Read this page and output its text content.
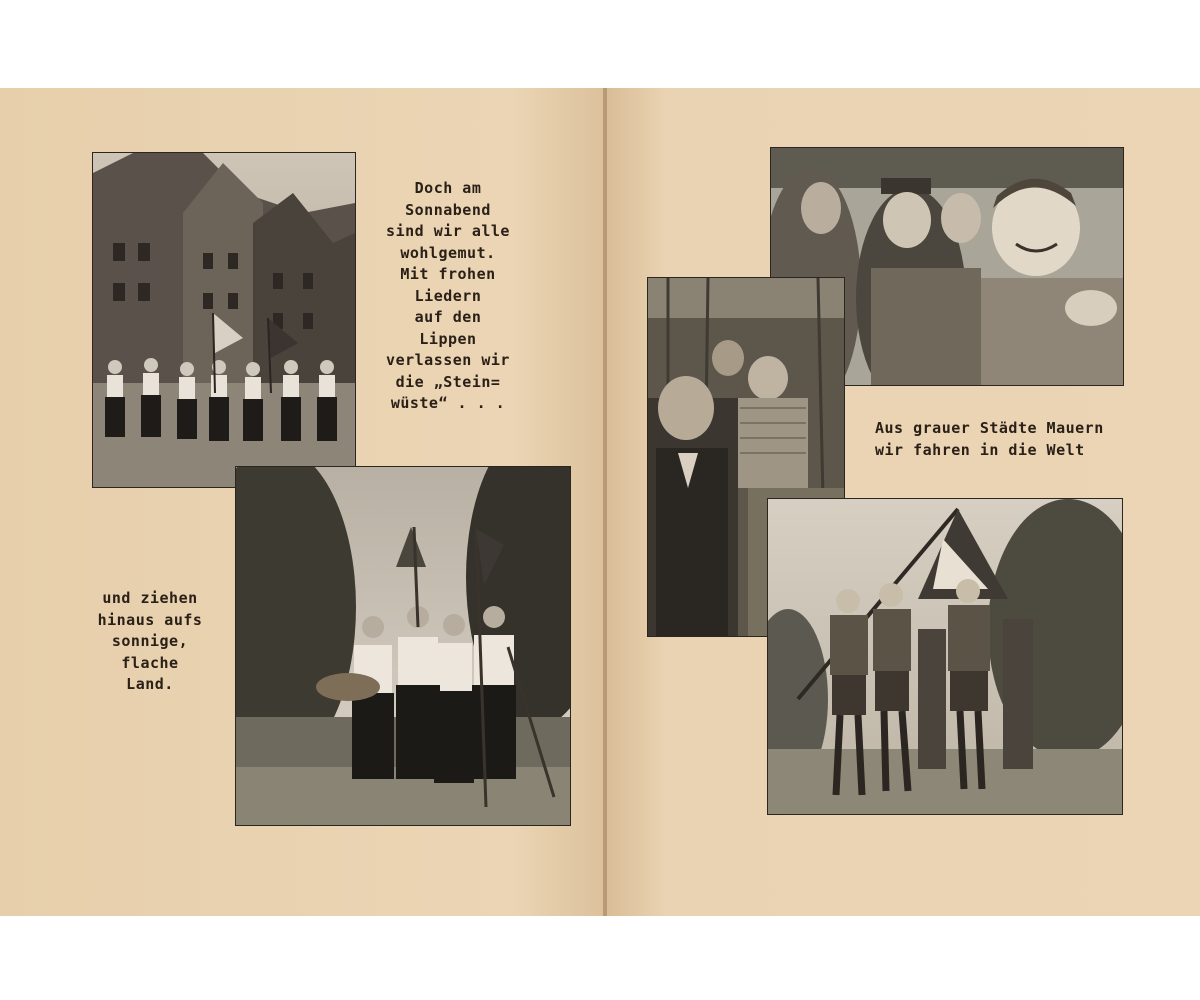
Doch am
Sonnabend
sind wir alle
wohlgemut.
Mit frohen
Liedern
auf den
Lippen
verlassen wir
die „Stein=
wüste“ . . .

und ziehen
hinaus aufs
sonnige,
flache
Land.

Aus grauer Städte Mauern
wir fahren in die Welt
